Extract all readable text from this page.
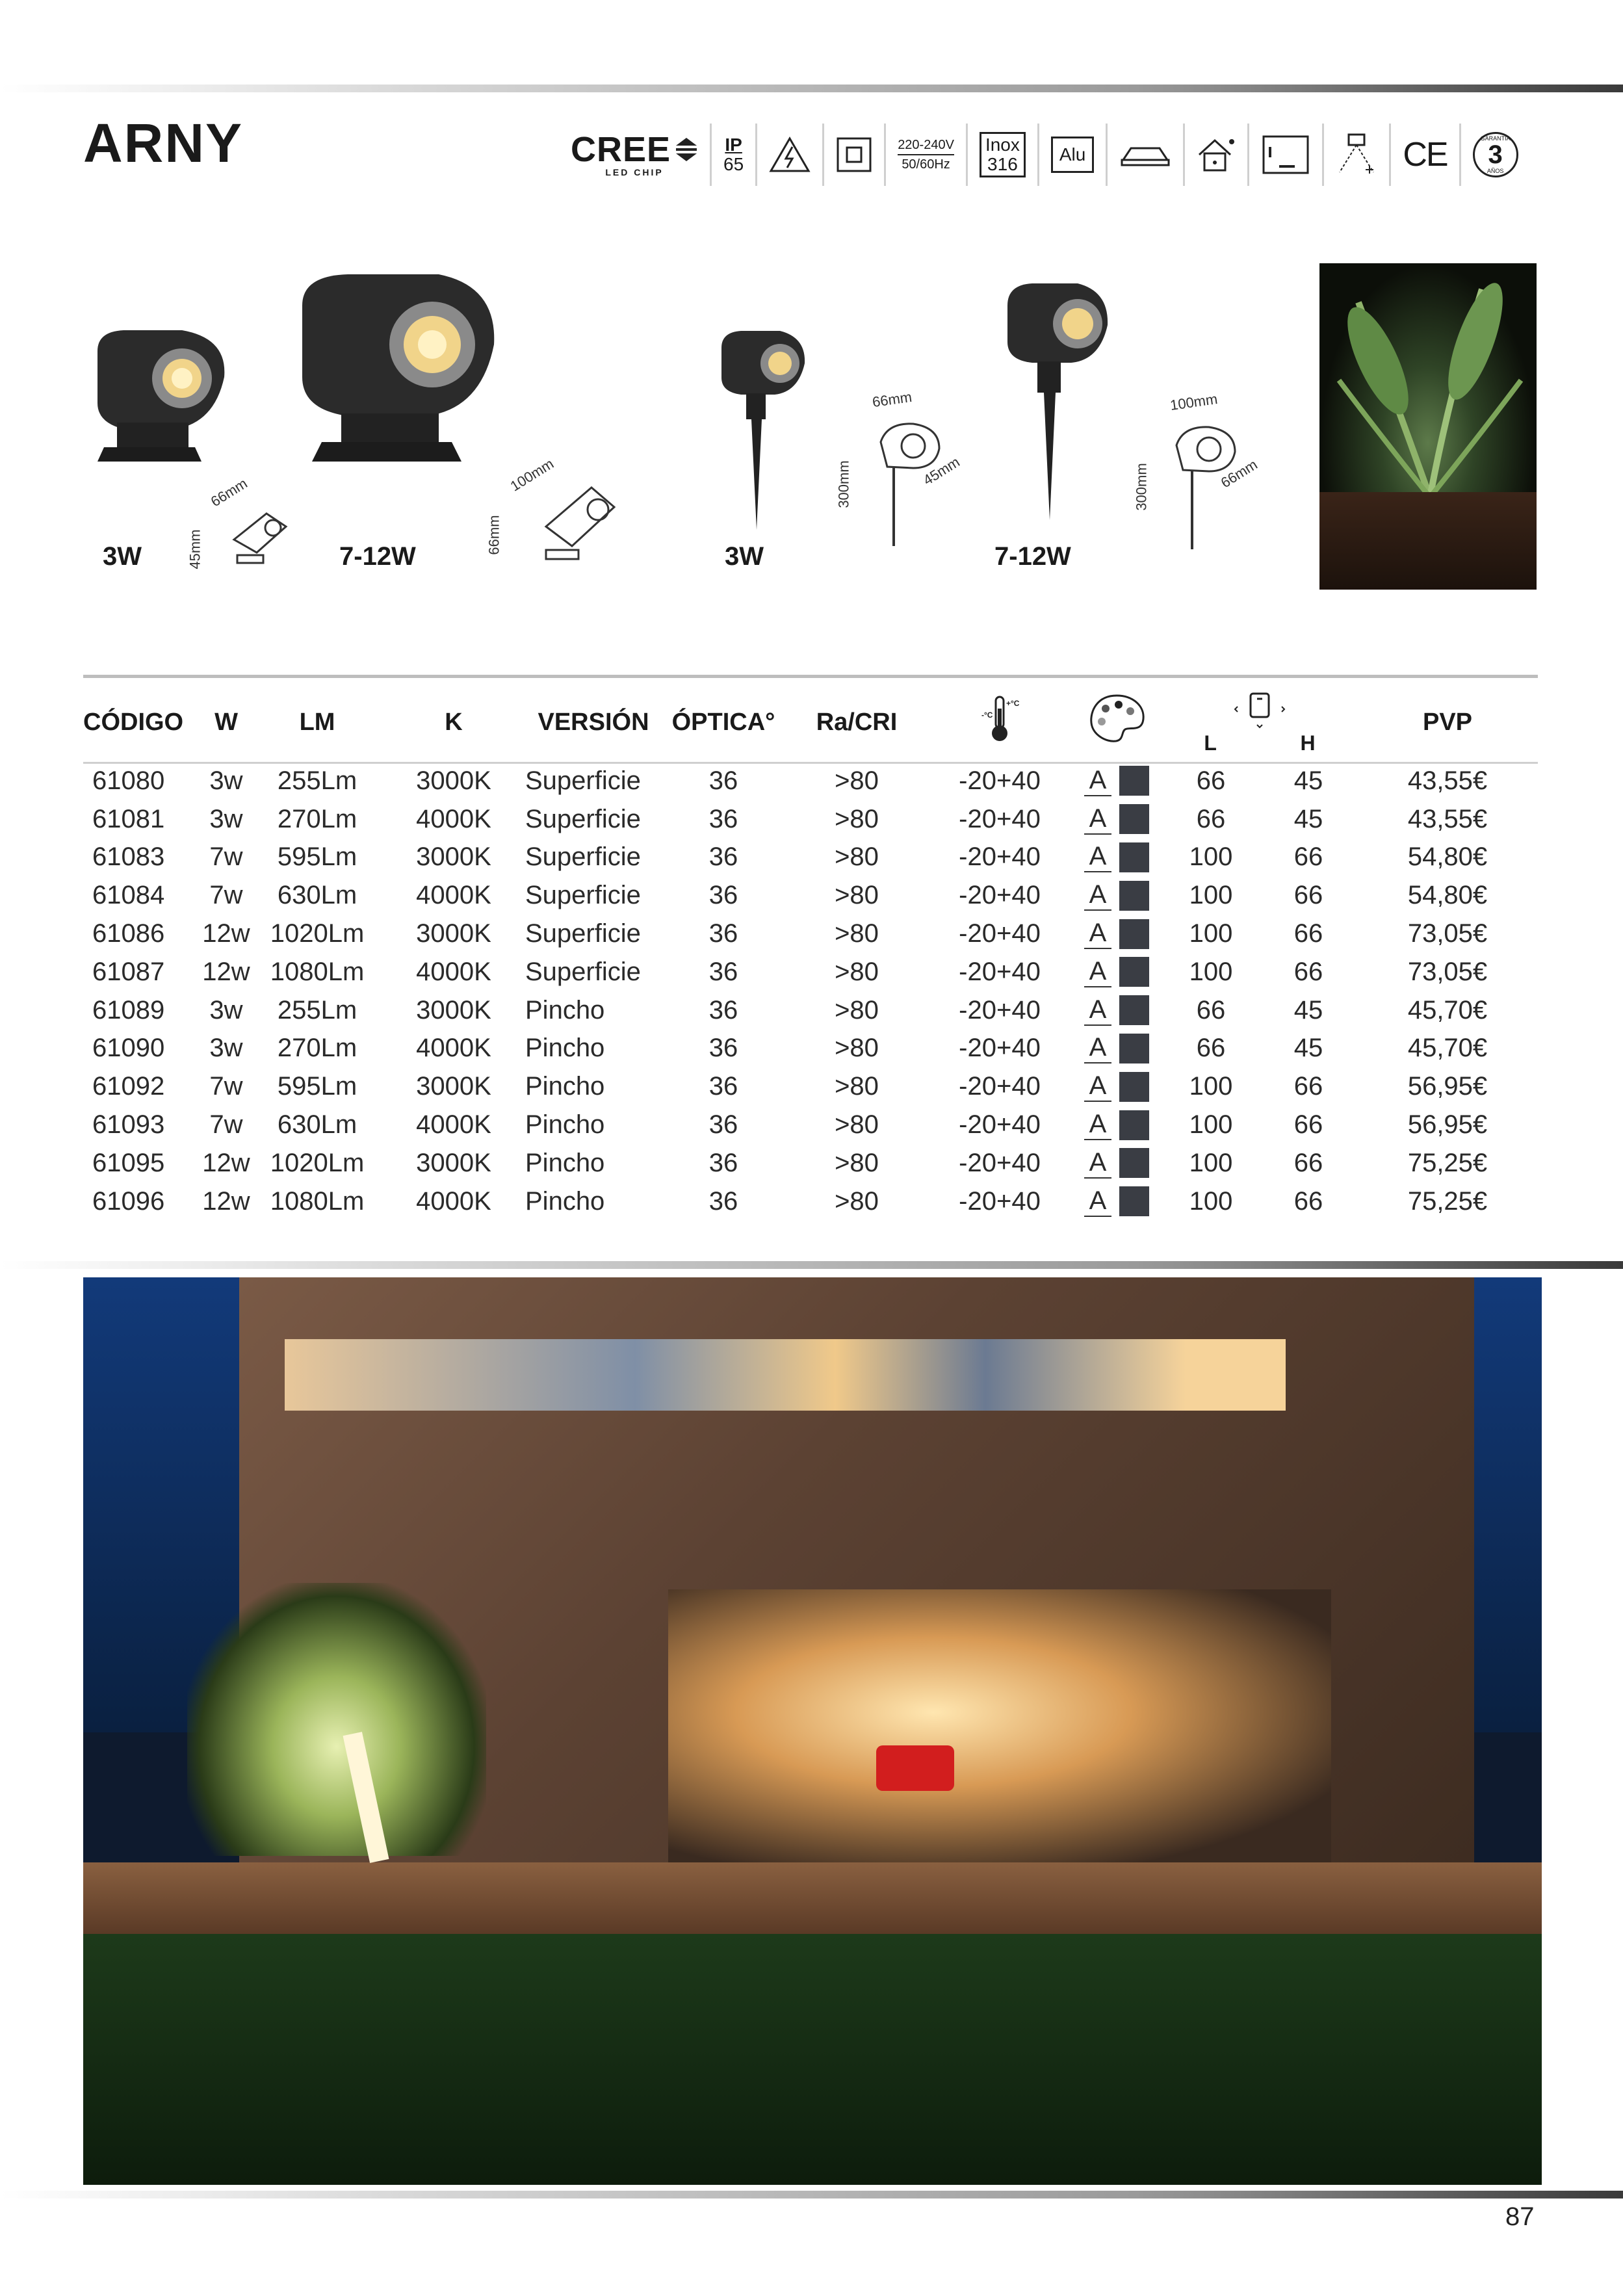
ARNY	CREE
LED CHIP
IP
65
220-240V
50/60Hz
Inox
316	Alu	CE	GARANTÍA
3
AÑOS
66mm
45mm
100mm
66mm
66mm
45mm
300mm
100mm
66mm
300mm
3W	7-12W	3W	7-12W
CÓDIGO	W	LM	K	VERSIÓN	ÓPTICA°	Ra/CRI	-°C
+°C		L H		PVP
61080	3w	255Lm	3000K	Superficie	36	>80	-20+40	A	66	45	43,55€
61081	3w	270Lm	4000K	Superficie	36	>80	-20+40	A	66	45	43,55€
61083	7w	595Lm	3000K	Superficie	36	>80	-20+40	A	100	66	54,80€
61084	7w	630Lm	4000K	Superficie	36	>80	-20+40	A	100	66	54,80€
61086	12w	1020Lm	3000K	Superficie	36	>80	-20+40	A	100	66	73,05€
61087	12w	1080Lm	4000K	Superficie	36	>80	-20+40	A	100	66	73,05€
61089	3w	255Lm	3000K	Pincho	36	>80	-20+40	A	66	45	45,70€
61090	3w	270Lm	4000K	Pincho	36	>80	-20+40	A	66	45	45,70€
61092	7w	595Lm	3000K	Pincho	36	>80	-20+40	A	100	66	56,95€
61093	7w	630Lm	4000K	Pincho	36	>80	-20+40	A	100	66	56,95€
61095	12w	1020Lm	3000K	Pincho	36	>80	-20+40	A	100	66	75,25€
61096	12w	1080Lm	4000K	Pincho	36	>80	-20+40	A	100	66	75,25€
87
